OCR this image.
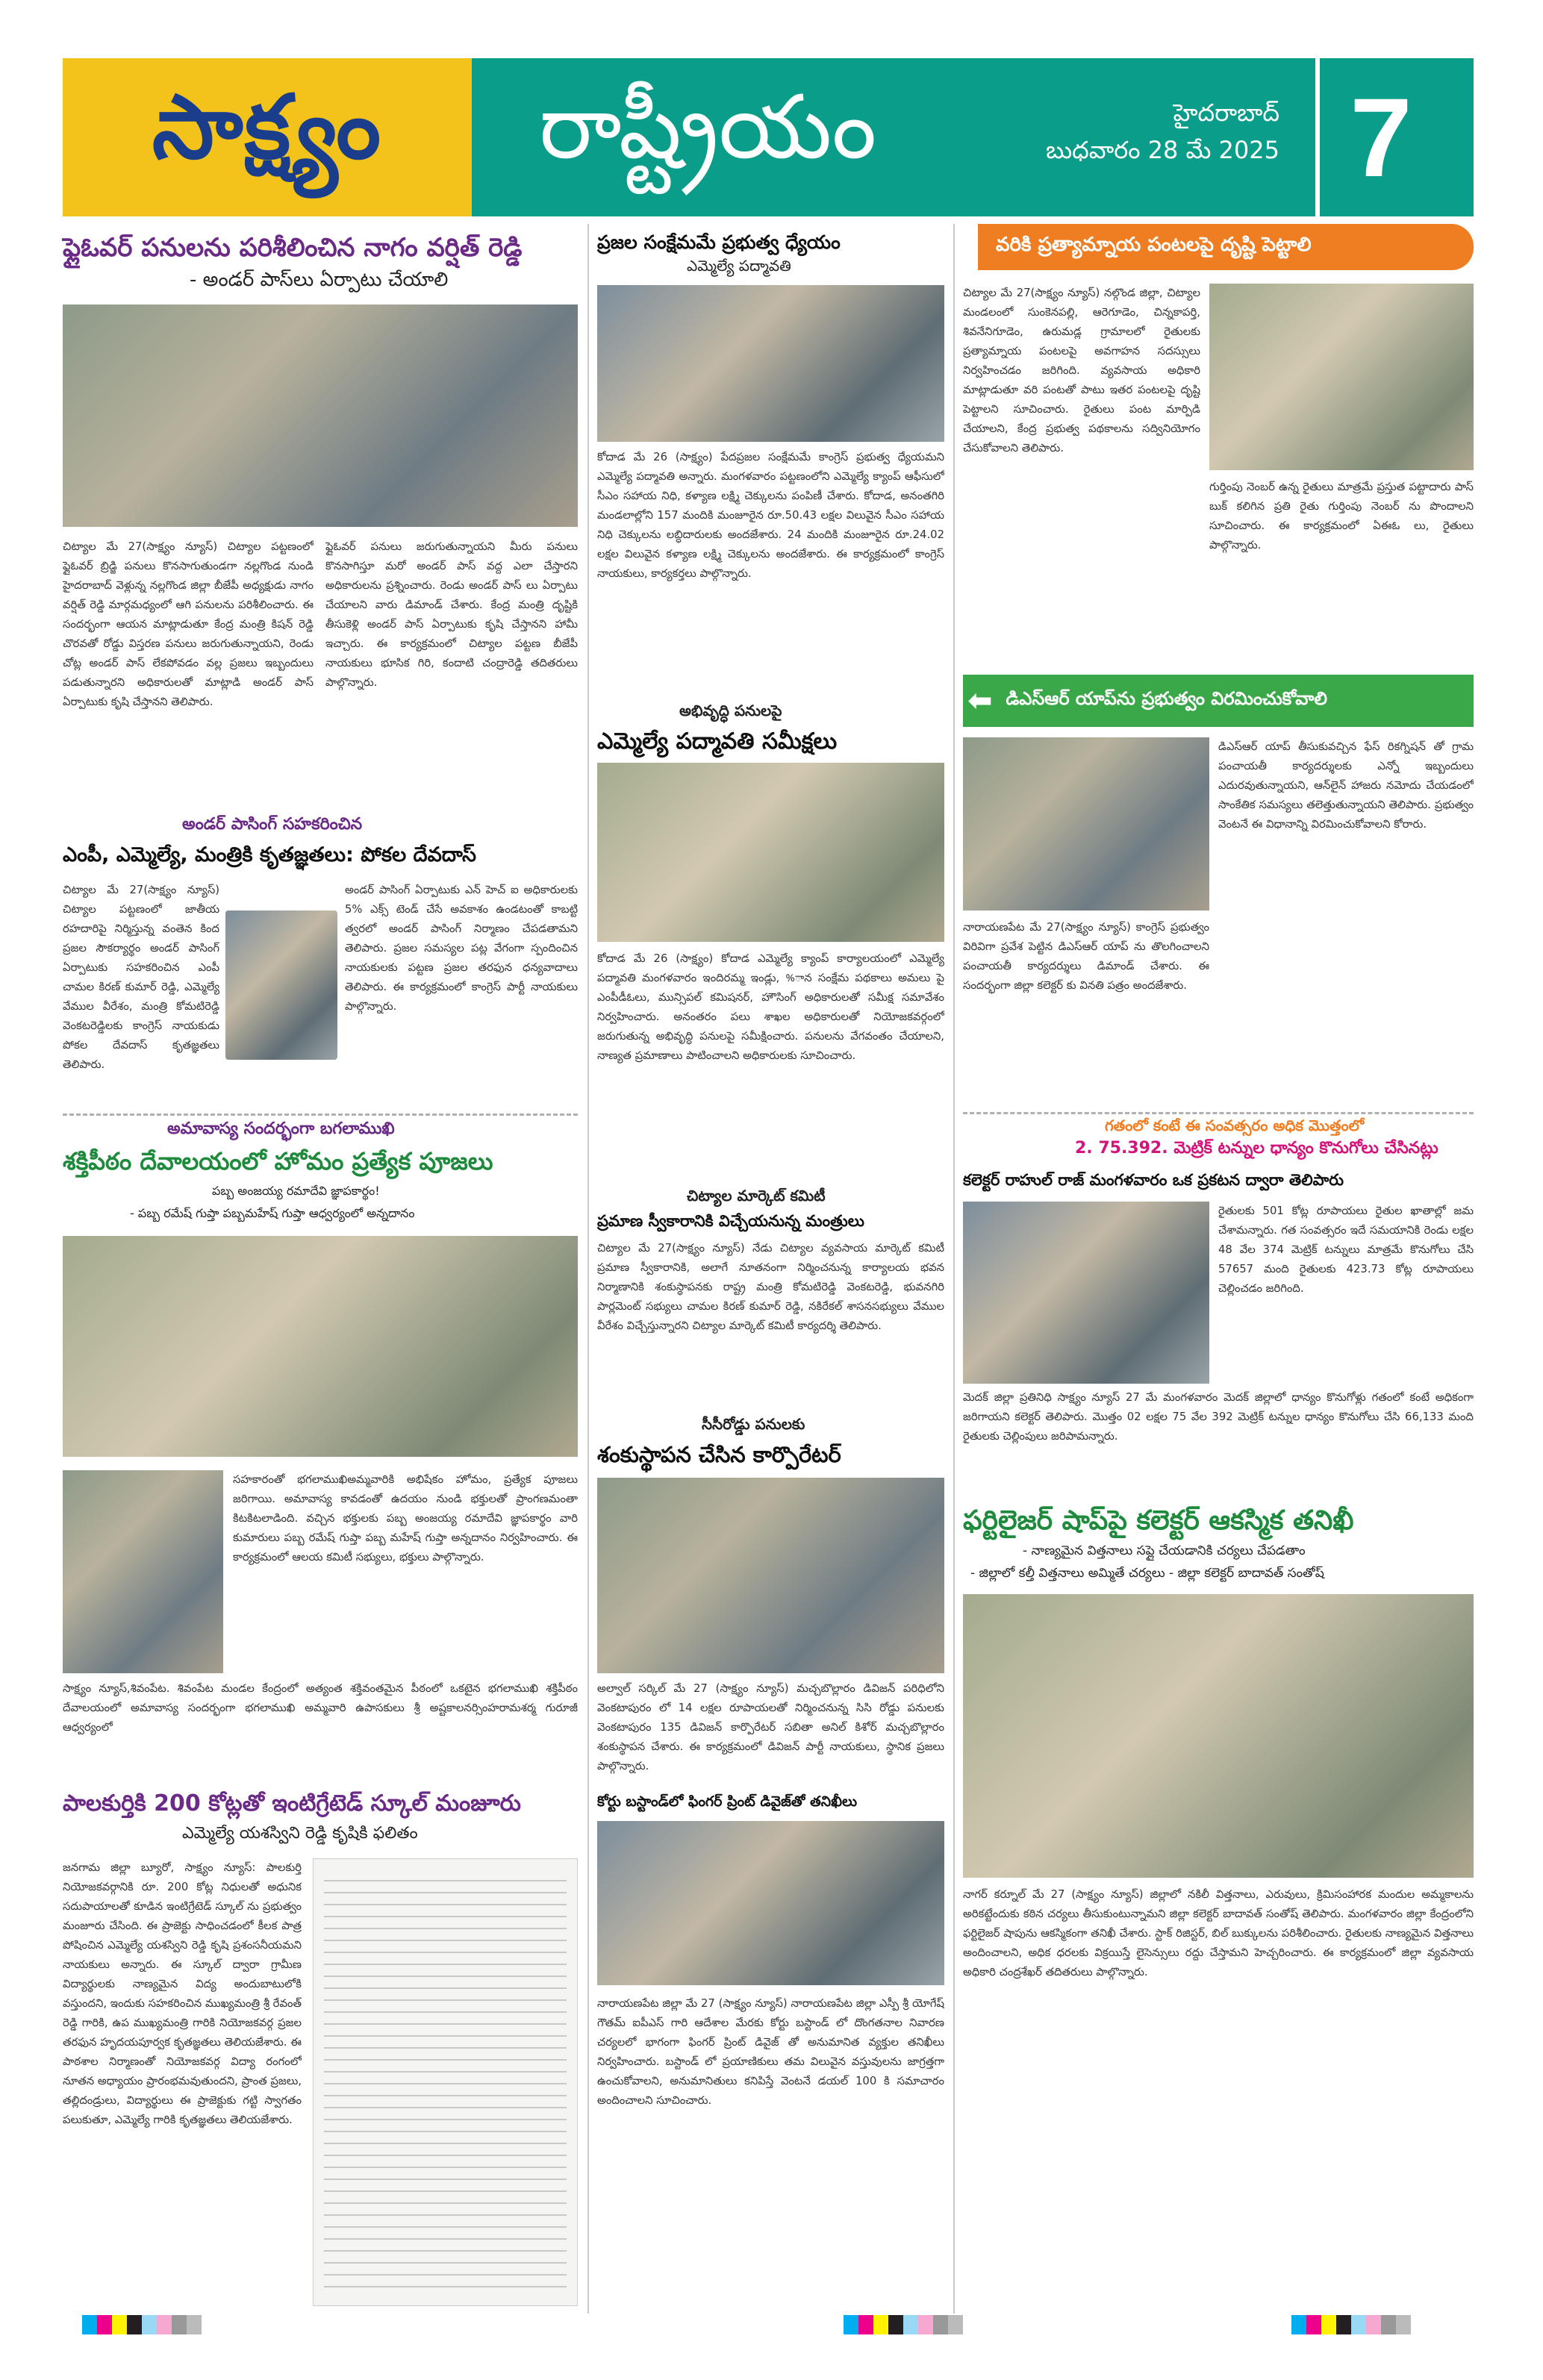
సాక్ష్యం రాష్ట్రీయం	హైదరాబాద్
బుధవారం 28 మే 2025 7
ఫ్లైఓవర్ పనులను పరిశీలించిన నాగం వర్షిత్ రెడ్డి
- అండర్ పాస్‌లు ఏర్పాటు చేయాలి
చిట్యాల మే 27(సాక్ష్యం న్యూస్) చిట్యాల పట్టణంలో ఫ్లైఓవర్ బ్రిడ్జి పనులు కొనసాగుతుండగా నల్లగొండ నుండి హైదరాబాద్ వెళ్లున్న నల్లగొండ జిల్లా బీజేపీ అధ్యక్షుడు నాగం వర్షిత్ రెడ్డి మార్గమధ్యంలో ఆగి పనులను పరిశీలించారు. ఈ సందర్భంగా ఆయన మాట్లాడుతూ కేంద్ర మంత్రి కిషన్ రెడ్డి చొరవతో రోడ్డు విస్తరణ పనులు జరుగుతున్నాయని, రెండు చోట్ల అండర్ పాస్ లేకపోవడం వల్ల ప్రజలు ఇబ్బందులు పడుతున్నారని అధికారులతో మాట్లాడి అండర్ పాస్ ఏర్పాటుకు కృషి చేస్తానని తెలిపారు.
ఫ్లైఓవర్ పనులు జరుగుతున్నాయని మీరు పనులు కొనసాగిస్తూ మరో అండర్ పాస్ వద్ద ఎలా చేస్తారని అధికారులను ప్రశ్నించారు. రెండు అండర్ పాస్ లు ఏర్పాటు చేయాలని వారు డిమాండ్ చేశారు. కేంద్ర మంత్రి దృష్టికి తీసుకెళ్లి అండర్ పాస్ ఏర్పాటుకు కృషి చేస్తానని హామీ ఇచ్చారు. ఈ కార్యక్రమంలో చిట్యాల పట్టణ బీజేపీ నాయకులు భూసిక గిరి, కందాటి చంద్రారెడ్డి తదితరులు పాల్గొన్నారు.
అండర్ పాసింగ్ సహకరించిన
ఎంపీ, ఎమ్మెల్యే, మంత్రికి కృతజ్ఞతలు: పోకల దేవదాస్
చిట్యాల మే 27(సాక్ష్యం న్యూస్) చిట్యాల పట్టణంలో జాతీయ రహదారిపై నిర్మిస్తున్న వంతెన కింద ప్రజల సౌకర్యార్థం అండర్ పాసింగ్ ఏర్పాటుకు సహకరించిన ఎంపీ చామల కిరణ్ కుమార్ రెడ్డి, ఎమ్మెల్యే వేముల వీరేశం, మంత్రి కోమటిరెడ్డి వెంకటరెడ్డిలకు కాంగ్రెస్ నాయకుడు పోకల దేవదాస్ కృతజ్ఞతలు తెలిపారు.
అండర్ పాసింగ్ ఏర్పాటుకు ఎన్ హెచ్ ఐ అధికారులకు 5% ఎక్స్ టెండ్ చేసే అవకాశం ఉండటంతో కాబట్టి త్వరలో అండర్ పాసింగ్ నిర్మాణం చేపడతామని తెలిపారు. ప్రజల సమస్యల పట్ల వేగంగా స్పందించిన నాయకులకు పట్టణ ప్రజల తరఫున ధన్యవాదాలు తెలిపారు. ఈ కార్యక్రమంలో కాంగ్రెస్ పార్టీ నాయకులు పాల్గొన్నారు.
అమావాస్య సందర్భంగా బగలాముఖి
శక్తిపీఠం దేవాలయంలో హోమం ప్రత్యేక పూజలు
పబ్బ అంజయ్య రమాదేవి జ్ఞాపకార్థం!
- పబ్బ రమేష్ గుప్తా పబ్బమహేష్ గుప్తా ఆధ్వర్యంలో అన్నదానం
సాక్ష్యం న్యూస్,శివంపేట. శివంపేట మండల కేంద్రంలో అత్యంత శక్తివంతమైన పీఠంలో ఒకటైన భగలాముఖి శక్తిపీఠం దేవాలయంలో అమావాస్య సందర్భంగా భగలాముఖి అమ్మవారి ఉపాసకులు శ్రీ అష్టకాలనర్సింహరామశర్మ గురూజీ ఆధ్వర్యంలో
సహకారంతో భగలాముఖిఅమ్మవారికి అభిషేకం హోమం, ప్రత్యేక పూజలు జరిగాయి. అమావాస్య కావడంతో ఉదయం నుండి భక్తులతో ప్రాంగణమంతా కిటకిటలాడింది. వచ్చిన భక్తులకు పబ్బ అంజయ్య రమాదేవి జ్ఞాపకార్థం వారి కుమారులు పబ్బ రమేష్ గుప్తా పబ్బ మహేష్ గుప్తా అన్నదానం నిర్వహించారు. ఈ కార్యక్రమంలో ఆలయ కమిటీ సభ్యులు, భక్తులు పాల్గొన్నారు.
పాలకుర్తికి 200 కోట్లతో ఇంటిగ్రేటెడ్ స్కూల్ మంజూరు
ఎమ్మెల్యే యశస్విని రెడ్డి కృషికి ఫలితం
జనగామ జిల్లా బ్యూరో, సాక్ష్యం న్యూస్: పాలకుర్తి నియోజకవర్గానికి రూ. 200 కోట్ల నిధులతో అధునిక సదుపాయాలతో కూడిన ఇంటిగ్రేటెడ్ స్కూల్ ను ప్రభుత్వం మంజూరు చేసింది. ఈ ప్రాజెక్టు సాధించడంలో కీలక పాత్ర పోషించిన ఎమ్మెల్యే యశస్విని రెడ్డి కృషి ప్రశంసనీయమని నాయకులు అన్నారు. ఈ స్కూల్ ద్వారా గ్రామీణ విద్యార్థులకు నాణ్యమైన విద్య అందుబాటులోకి వస్తుందని, ఇందుకు సహకరించిన ముఖ్యమంత్రి శ్రీ రేవంత్ రెడ్డి గారికి, ఉప ముఖ్యమంత్రి గారికి నియోజకవర్గ ప్రజల తరఫున హృదయపూర్వక కృతజ్ఞతలు తెలియజేశారు. ఈ పాఠశాల నిర్మాణంతో నియోజకవర్గ విద్యా రంగంలో నూతన అధ్యాయం ప్రారంభమవుతుందని, ప్రాంత ప్రజలు, తల్లిదండ్రులు, విద్యార్థులు ఈ ప్రాజెక్టుకు గట్టి స్వాగతం పలుకుతూ, ఎమ్మెల్యే గారికి కృతజ్ఞతలు తెలియజేశారు.
ప్రజల సంక్షేమమే ప్రభుత్వ ధ్యేయం
ఎమ్మెల్యే పద్మావతి
కోదాడ మే 26 (సాక్ష్యం) పేదప్రజల సంక్షేమమే కాంగ్రెస్ ప్రభుత్వ ధ్యేయమని ఎమ్మెల్యే పద్మావతి అన్నారు. మంగళవారం పట్టణంలోని ఎమ్మెల్యే క్యాంప్ ఆఫీసులో సీఎం సహాయ నిధి, కళ్యాణ లక్ష్మి చెక్కులను పంపిణీ చేశారు. కోదాడ, అనంతగిరి మండలాల్లోని 157 మందికి మంజూరైన రూ.50.43 లక్షల విలువైన సీఎం సహాయ నిధి చెక్కులను లబ్ధిదారులకు అందజేశారు. 24 మందికి మంజూరైన రూ.24.02 లక్షల విలువైన కళ్యాణ లక్ష్మి చెక్కులను అందజేశారు. ఈ కార్యక్రమంలో కాంగ్రెస్ నాయకులు, కార్యకర్తలు పాల్గొన్నారు.
అభివృద్ధి పనులపై
ఎమ్మెల్యే పద్మావతి సమీక్షలు
కోదాడ మే 26 (సాక్ష్యం) కోదాడ ఎమ్మెల్యే క్యాంప్ కార్యాలయంలో ఎమ్మెల్యే పద్మావతి మంగళవారం ఇందిరమ్మ ఇండ్లు, %ాన సంక్షేమ పథకాలు అమలు పై ఎంపీడీఓలు, మున్సిపల్ కమిషనర్, హౌసింగ్ అధికారులతో సమీక్ష సమావేశం నిర్వహించారు. అనంతరం పలు శాఖల అధికారులతో నియోజకవర్గంలో జరుగుతున్న అభివృద్ధి పనులపై సమీక్షించారు. పనులను వేగవంతం చేయాలని, నాణ్యత ప్రమాణాలు పాటించాలని అధికారులకు సూచించారు.
చిట్యాల మార్కెట్ కమిటీ
ప్రమాణ స్వీకారానికి విచ్చేయనున్న మంత్రులు
చిట్యాల మే 27(సాక్ష్యం న్యూస్) నేడు చిట్యాల వ్యవసాయ మార్కెట్ కమిటీ ప్రమాణ స్వీకారానికి, అలాగే నూతనంగా నిర్మించనున్న కార్యాలయ భవన నిర్మాణానికి శంకుస్థాపనకు రాష్ట్ర మంత్రి కోమటిరెడ్డి వెంకటరెడ్డి, భువనగిరి పార్లమెంట్ సభ్యులు చామల కిరణ్ కుమార్ రెడ్డి, నకిరేకల్ శాసనసభ్యులు వేముల వీరేశం విచ్చేస్తున్నారని చిట్యాల మార్కెట్ కమిటీ కార్యదర్శి తెలిపారు.
సీసీరోడ్డు పనులకు
శంకుస్థాపన చేసిన కార్పొరేటర్
అల్వాల్ సర్కిల్ మే 27 (సాక్ష్యం న్యూస్) మచ్చబొల్లారం డివిజన్ పరిధిలోని వెంకటాపురం లో 14 లక్షల రూపాయలతో నిర్మించనున్న సిసి రోడ్డు పనులకు వెంకటాపురం 135 డివిజన్ కార్పొరేటర్ సబితా అనిల్ కిశోర్ మచ్చబొల్లారం శంకుస్థాపన చేశారు. ఈ కార్యక్రమంలో డివిజన్ పార్టీ నాయకులు, స్థానిక ప్రజలు పాల్గొన్నారు.
కోర్టు బస్టాండ్‌లో ఫింగర్ ప్రింట్ డివైజ్‌తో తనిఖీలు
నారాయణపేట జిల్లా మే 27 (సాక్ష్యం న్యూస్) నారాయణపేట జిల్లా ఎస్పీ శ్రీ యోగేష్ గౌతమ్ ఐపీఎస్ గారి ఆదేశాల మేరకు కోర్టు బస్టాండ్ లో దొంగతనాల నివారణ చర్యలలో భాగంగా ఫింగర్ ప్రింట్ డివైజ్ తో అనుమానిత వ్యక్తుల తనిఖీలు నిర్వహించారు. బస్టాండ్ లో ప్రయాణికులు తమ విలువైన వస్తువులను జాగ్రత్తగా ఉంచుకోవాలని, అనుమానితులు కనిపిస్తే వెంటనే డయల్ 100 కి సమాచారం అందించాలని సూచించారు.
వరికి ప్రత్యామ్నాయ పంటలపై దృష్టి పెట్టాలి
చిట్యాల మే 27(సాక్ష్యం న్యూస్) నల్గొండ జిల్లా, చిట్యాల మండలంలో సుంకెనపల్లి, ఆరెగూడెం, చిన్నకాపర్తి, శివనేనిగూడెం, ఉరుమడ్ల గ్రామాలలో రైతులకు ప్రత్యామ్నాయ పంటలపై అవగాహన సదస్సులు నిర్వహించడం జరిగింది. వ్యవసాయ అధికారి మాట్లాడుతూ వరి పంటతో పాటు ఇతర పంటలపై దృష్టి పెట్టాలని సూచించారు. రైతులు పంట మార్పిడి చేయాలని, కేంద్ర ప్రభుత్వ పథకాలను సద్వినియోగం చేసుకోవాలని తెలిపారు.
గుర్తింపు నెంబర్ ఉన్న రైతులు మాత్రమే ప్రస్తుత పట్టాదారు పాస్ బుక్ కలిగిన ప్రతి రైతు గుర్తింపు నెంబర్ ను పొందాలని సూచించారు. ఈ కార్యక్రమంలో ఏఈఓ లు, రైతులు పాల్గొన్నారు.
⬅ డిఎస్ఆర్ యాప్‌ను ప్రభుత్వం విరమించుకోవాలి
నారాయణపేట మే 27(సాక్ష్యం న్యూస్) కాంగ్రెస్ ప్రభుత్వం విరివిగా ప్రవేశ పెట్టిన డిఎస్ఆర్ యాప్ ను తొలగించాలని పంచాయతీ కార్యదర్శులు డిమాండ్ చేశారు. ఈ సందర్భంగా జిల్లా కలెక్టర్ కు వినతి పత్రం అందజేశారు.
డిఎస్ఆర్ యాప్ తీసుకువచ్చిన ఫేస్ రికగ్నిషన్ తో గ్రామ పంచాయతీ కార్యదర్శులకు ఎన్నో ఇబ్బందులు ఎదురవుతున్నాయని, ఆన్‌లైన్ హాజరు నమోదు చేయడంలో సాంకేతిక సమస్యలు తలెత్తుతున్నాయని తెలిపారు. ప్రభుత్వం వెంటనే ఈ విధానాన్ని విరమించుకోవాలని కోరారు.
గతంలో కంటే ఈ సంవత్సరం అధిక మొత్తంలో
2. 75.392. మెట్రిక్ టన్నుల ధాన్యం కొనుగోలు చేసినట్లు
కలెక్టర్ రాహుల్ రాజ్ మంగళవారం ఒక ప్రకటన ద్వారా తెలిపారు
రైతులకు 501 కోట్ల రూపాయలు రైతుల ఖాతాల్లో జమ చేశామన్నారు. గత సంవత్సరం ఇదే సమయానికి రెండు లక్షల 48 వేల 374 మెట్రిక్ టన్నులు మాత్రమే కొనుగోలు చేసి 57657 మంది రైతులకు 423.73 కోట్ల రూపాయలు చెల్లించడం జరిగింది.
మెదక్ జిల్లా ప్రతినిధి సాక్ష్యం న్యూస్ 27 మే మంగళవారం మెదక్ జిల్లాలో ధాన్యం కొనుగోళ్లు గతంలో కంటే అధికంగా జరిగాయని కలెక్టర్ తెలిపారు. మొత్తం 02 లక్షల 75 వేల 392 మెట్రిక్ టన్నుల ధాన్యం కొనుగోలు చేసి 66,133 మంది రైతులకు చెల్లింపులు జరిపామన్నారు.
ఫర్టిలైజర్ షాప్‌పై కలెక్టర్ ఆకస్మిక తనిఖీ
- నాణ్యమైన విత్తనాలు సప్లై చేయడానికి చర్యలు చేపడతాం
- జిల్లాలో కల్తీ విత్తనాలు అమ్మితే చర్యలు - జిల్లా కలెక్టర్ బాదావత్ సంతోష్
నాగర్ కర్నూల్ మే 27 (సాక్ష్యం న్యూస్) జిల్లాలో నకిలీ విత్తనాలు, ఎరువులు, క్రిమిసంహారక మందుల అమ్మకాలను అరికట్టేందుకు కఠిన చర్యలు తీసుకుంటున్నామని జిల్లా కలెక్టర్ బాదావత్ సంతోష్ తెలిపారు. మంగళవారం జిల్లా కేంద్రంలోని ఫర్టిలైజర్ షాపును ఆకస్మికంగా తనిఖీ చేశారు. స్టాక్ రిజిస్టర్, బిల్ బుక్కులను పరిశీలించారు. రైతులకు నాణ్యమైన విత్తనాలు అందించాలని, అధిక ధరలకు విక్రయిస్తే లైసెన్సులు రద్దు చేస్తామని హెచ్చరించారు. ఈ కార్యక్రమంలో జిల్లా వ్యవసాయ అధికారి చంద్రశేఖర్ తదితరులు పాల్గొన్నారు.
